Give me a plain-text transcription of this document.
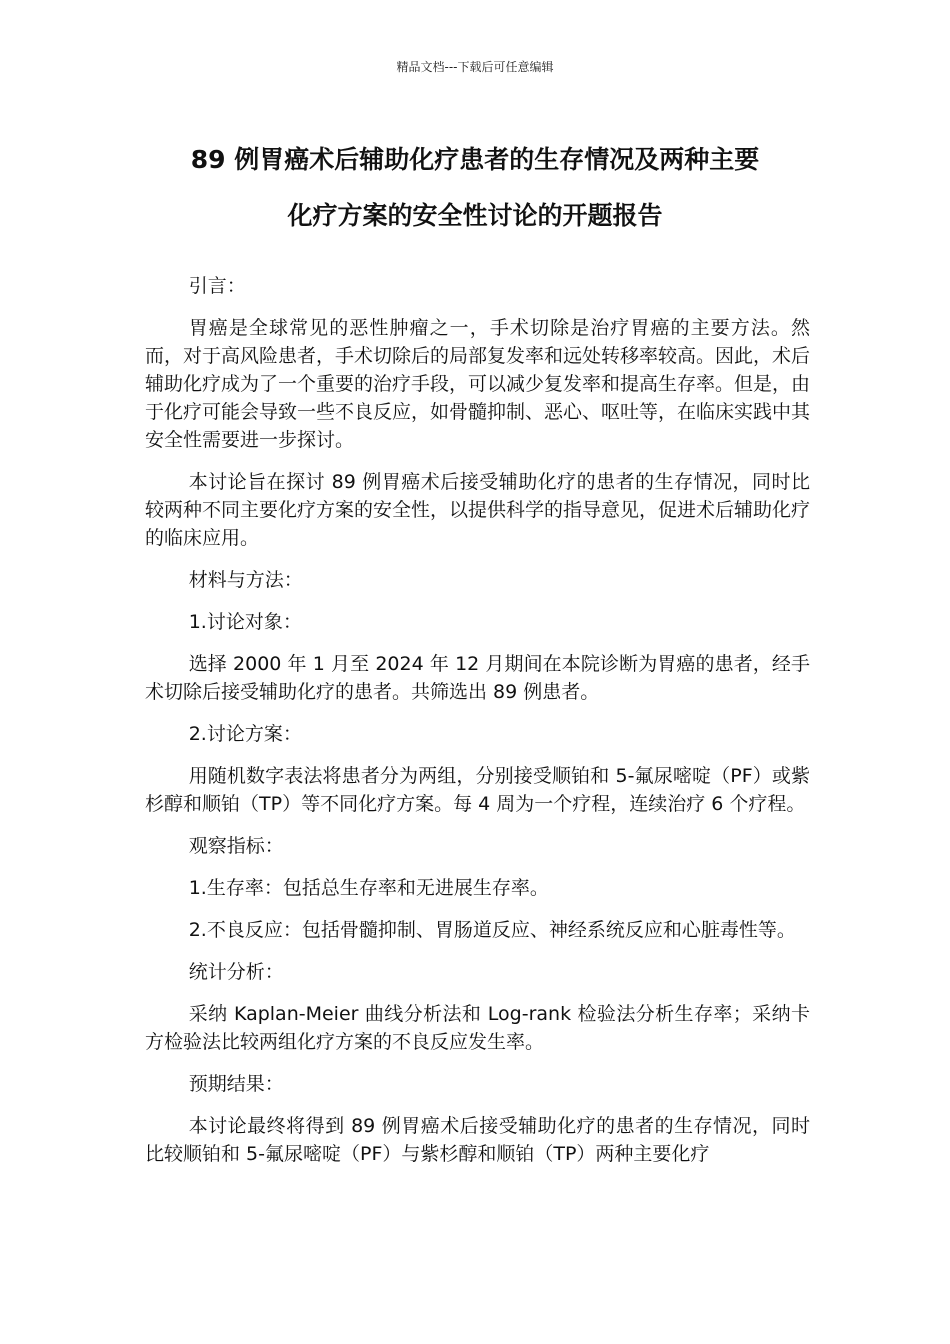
精品文档---下载后可任意编辑
89 例胃癌术后辅助化疗患者的生存情况及两种主要
化疗方案的安全性讨论的开题报告

引言：

胃癌是全球常见的恶性肿瘤之一，手术切除是治疗胃癌的主要方法。然而，对于高风险患者，手术切除后的局部复发率和远处转移率较高。因此，术后辅助化疗成为了一个重要的治疗手段，可以减少复发率和提高生存率。但是，由于化疗可能会导致一些不良反应，如骨髓抑制、恶心、呕吐等，在临床实践中其安全性需要进一步探讨。

本讨论旨在探讨 89 例胃癌术后接受辅助化疗的患者的生存情况，同时比较两种不同主要化疗方案的安全性，以提供科学的指导意见，促进术后辅助化疗的临床应用。

材料与方法：

1.讨论对象：

选择 2000 年 1 月至 2024 年 12 月期间在本院诊断为胃癌的患者，经手术切除后接受辅助化疗的患者。共筛选出 89 例患者。

2.讨论方案：

用随机数字表法将患者分为两组，分别接受顺铂和 5-氟尿嘧啶（PF）或紫杉醇和顺铂（TP）等不同化疗方案。每 4 周为一个疗程，连续治疗 6 个疗程。

观察指标：

1.生存率：包括总生存率和无进展生存率。

2.不良反应：包括骨髓抑制、胃肠道反应、神经系统反应和心脏毒性等。

统计分析：

采纳 Kaplan-Meier 曲线分析法和 Log-rank 检验法分析生存率；采纳卡方检验法比较两组化疗方案的不良反应发生率。

预期结果：

本讨论最终将得到 89 例胃癌术后接受辅助化疗的患者的生存情况，同时比较顺铂和 5-氟尿嘧啶（PF）与紫杉醇和顺铂（TP）两种主要化疗
